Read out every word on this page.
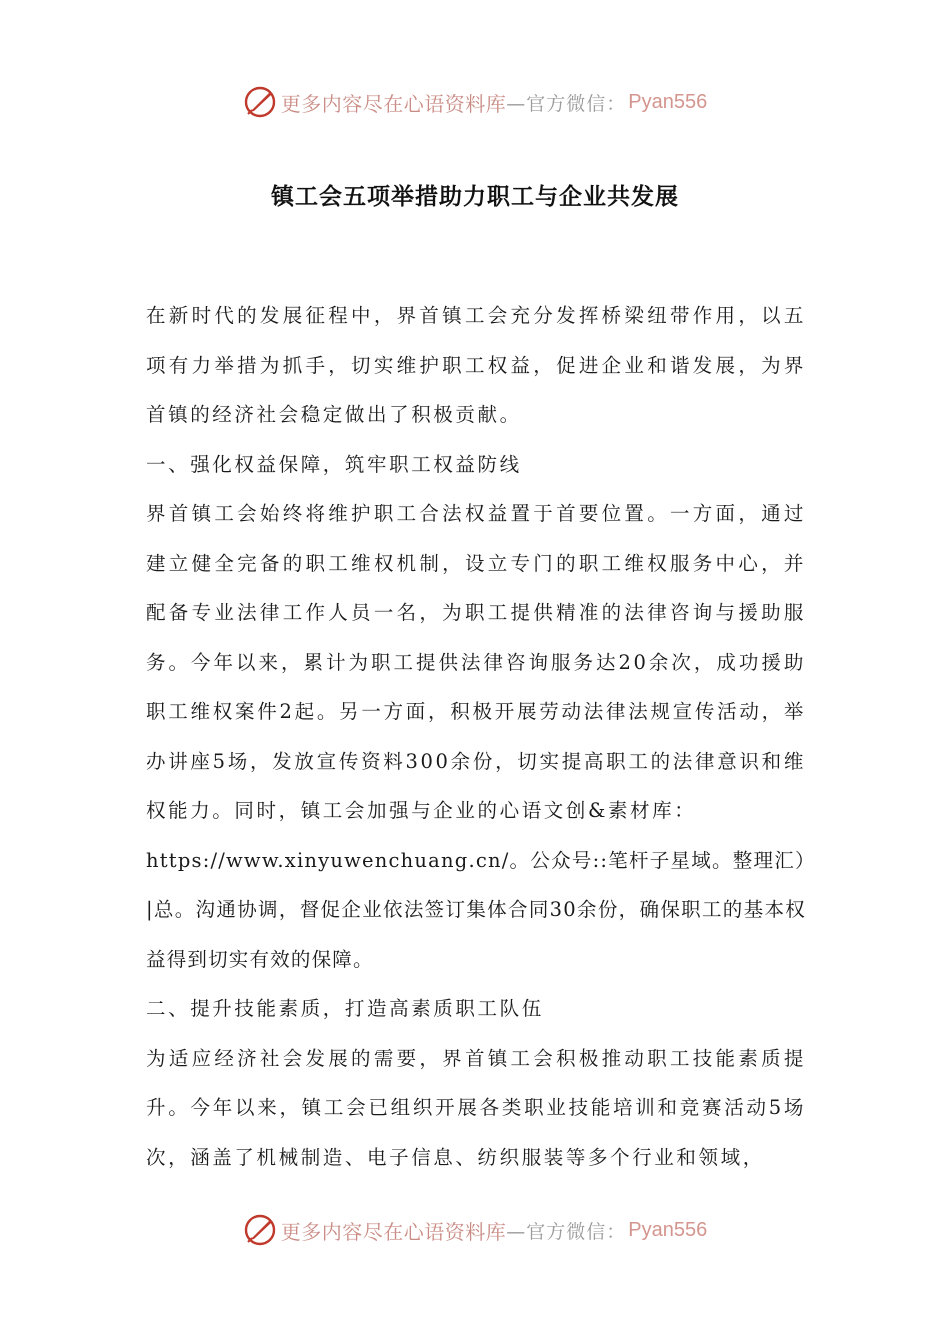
更多内容尽在心语资料库 —官方微信： Pyan556
镇工会五项举措助力职工与企业共发展

在新时代的发展征程中，界首镇工会充分发挥桥梁纽带作用，以五项有力举措为抓手，切实维护职工权益，促进企业和谐发展，为界首镇的经济社会稳定做出了积极贡献。

一、强化权益保障，筑牢职工权益防线

界首镇工会始终将维护职工合法权益置于首要位置。一方面，通过建立健全完备的职工维权机制，设立专门的职工维权服务中心，并配备专业法律工作人员一名，为职工提供精准的法律咨询与援助服务。今年以来，累计为职工提供法律咨询服务达20余次，成功援助职工维权案件2起。另一方面，积极开展劳动法律法规宣传活动，举办讲座5场，发放宣传资料300余份，切实提高职工的法律意识和维权能力。同时，镇工会加强与企业的心语文创&素材库：

https://www.xinyuwenchuang.cn/。公众号::笔杆子星域。整理汇）|总。沟通协调，督促企业依法签订集体合同30余份，确保职工的基本权益得到切实有效的保障。

二、提升技能素质，打造高素质职工队伍

为适应经济社会发展的需要，界首镇工会积极推动职工技能素质提升。今年以来，镇工会已组织开展各类职业技能培训和竞赛活动5场次，涵盖了机械制造、电子信息、纺织服装等多个行业和领域，

更多内容尽在心语资料库 —官方微信： Pyan556
